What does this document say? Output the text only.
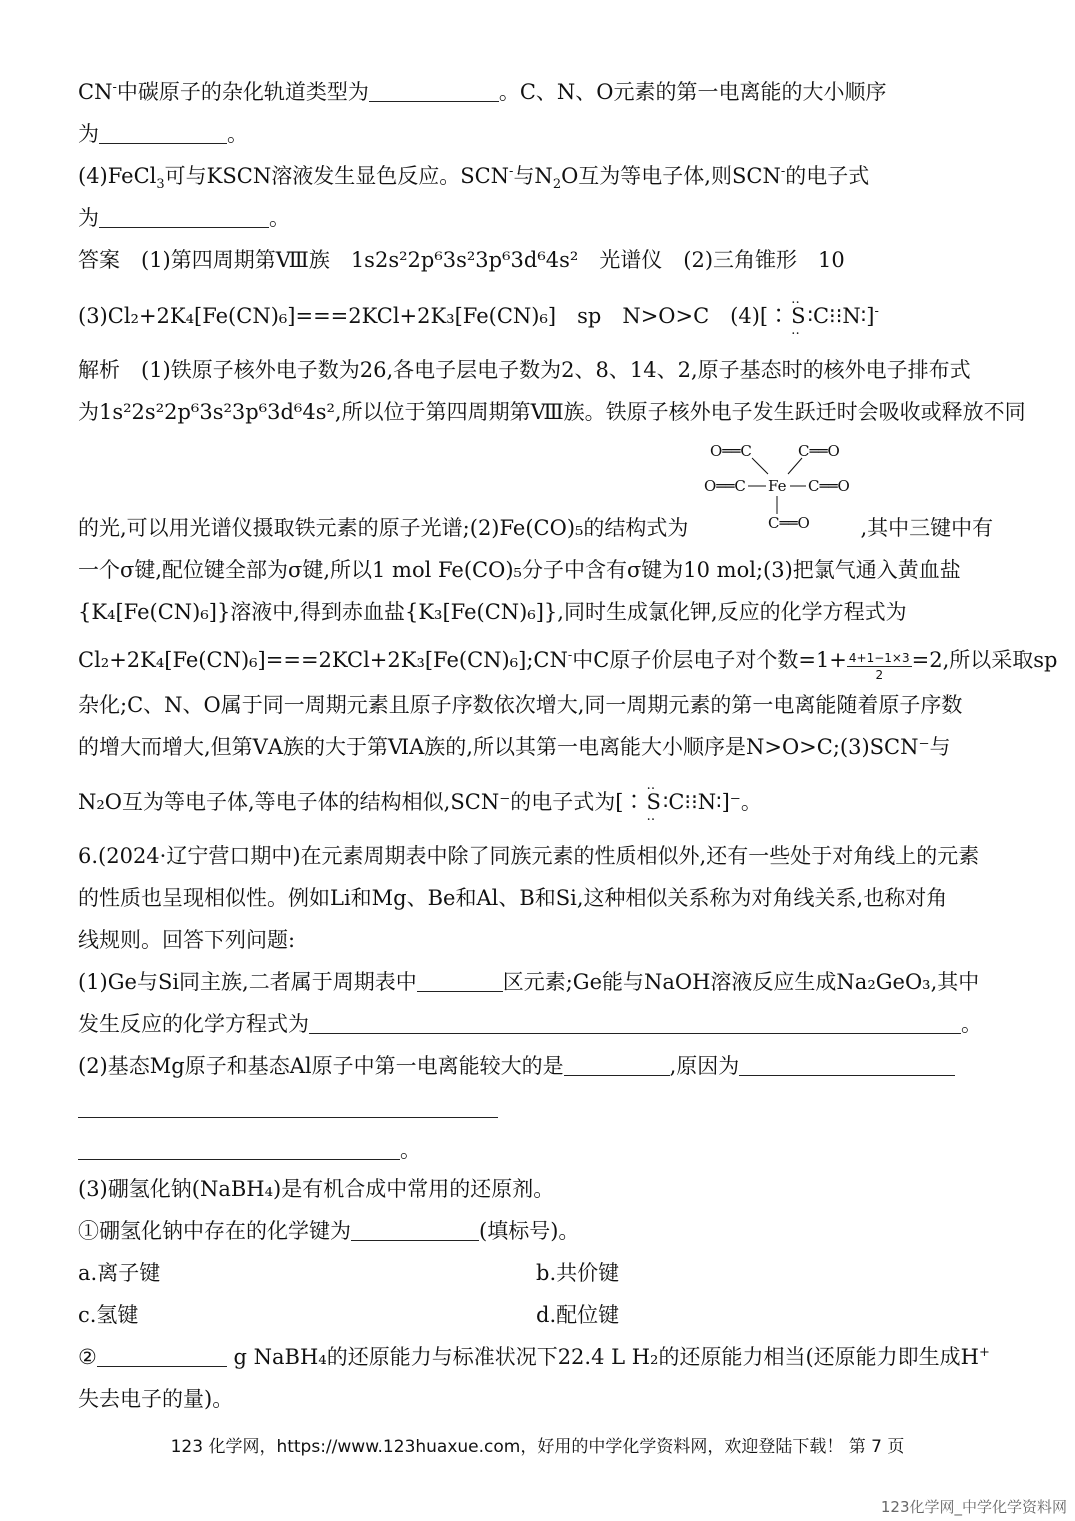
CN-中碳原子的杂化轨道类型为	。C、N、O元素的第一电离能的大小顺序
为	。
(4)FeCl$_3$可与KSCN溶液发生显色反应。SCN-与$N_2O$互为等电子体,则SCN-的电子式
为	。
答案　 (1)第四周期第Ⅷ族　1s2s²2p⁶3s²3p⁶3d⁶4s²　 光谱仪　(2)三角锥形　10
(3)Cl₂+2K₄[Fe(CN)₆]===2KCl+2K₃[Fe(CN)₆]　sp　N>O>C　(4)[∶‥ S ‥∶C⁝⁝N∶]-
解析　 (1)铁原子核外电子数为26,各电子层电子数为2、8、14、2,原子基态时的核外电子排布式
为1s²2s²2p⁶3s²3p⁶3d⁶4s²,所以位于第四周期第Ⅷ族。铁原子核外电子发生跃迁时会吸收或释放不同
O══C	C══O
O══C Fe C══O
C══O
的光,可以用光谱仪摄取铁元素的原子光谱;(2)Fe(CO)₅的结构式为	,其中三键中有
一个σ键,配位键全部为σ键,所以1 mol Fe(CO)₅分子中含有σ键为10 mol;(3)把氯气通入黄血盐
{K₄[Fe(CN)₆]}溶液中,得到赤血盐{K₃[Fe(CN)₆]},同时生成氯化钾,反应的化学方程式为
Cl₂+2K₄[Fe(CN)₆]===2KCl+2K₃[Fe(CN)₆];CN-中C原子价层电子对个数$=1+ \frac{4+1-1\times 3}{2} =2$,所以采取sp
杂化;C、N、O属于同一周期元素且原子序数依次增大,同一周期元素的第一电离能随着原子序数
的增大而增大,但第ⅤA族的大于第ⅥA族的,所以其第一电离能大小顺序是N>O>C;(3)SCN⁻与
N₂O互为等电子体,等电子体的结构相似,SCN⁻的电子式为[∶‥ S ‥∶C⁝⁝N∶]⁻。
6.(2024·辽宁营口期中)在元素周期表中除了同族元素的性质相似外,还有一些处于对角线上的元素
的性质也呈现相似性。例如Li和Mg、Be和Al、B和Si,这种相似关系称为对角线关系,也称对角
线规则。回答下列问题:
(1)Ge与Si同主族,二者属于周期表中	区元素;Ge能与NaOH溶液反应生成Na₂GeO₃,其中
发生反应的化学方程式为	。
(2)基态Mg原子和基态Al原子中第一电离能较大的是	,原因为
。
(3)硼氢化钠(NaBH₄)是有机合成中常用的还原剂。
①硼氢化钠中存在的化学键为	(填标号)。
a.离子键	b.共价键
c.氢键	d.配位键
②	g NaBH₄的还原能力与标准状况下22.4 L H₂的还原能力相当(还原能力即生成H+
失去电子的量)。
123 化学网，https://www.123huaxue.com，好用的中学化学资料网，欢迎登陆下载！ 第 7 页
123化学网_中学化学资料网
